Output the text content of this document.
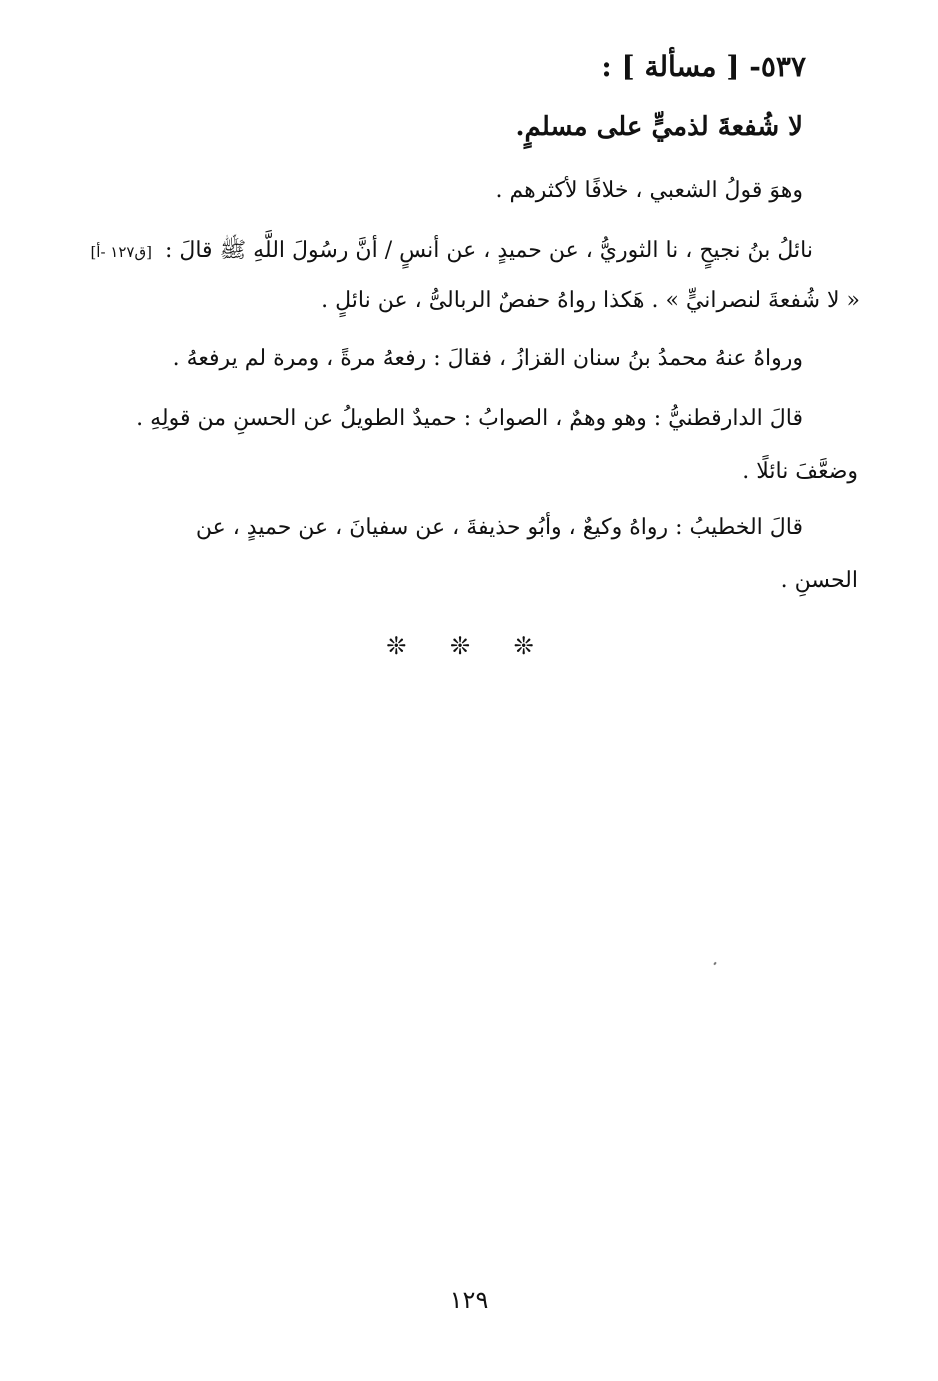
٥٣٧- [ مسألة ] :
لا شُفعةَ لذميٍّ على مسلمٍ.
وهوَ قولُ الشعبي ، خلافًا لأكثرهم .
نائلُ بنُ نجيحٍ ، نا الثوريُّ ، عن حميدٍ ، عن أنسٍ / أنَّ رسُولَ اللَّهِ ﷺ قالَ : [ق١٢٧ -أ]
« لا شُفعةَ لنصرانيٍّ » . هَكذا رواهُ حفصٌ الربالىُّ ، عن نائلٍ .
ورواهُ عنهُ محمدُ بنُ سنان القزازُ ، فقالَ : رفعهُ مرةً ، ومرة لم يرفعهُ .
قالَ الدارقطنيُّ : وهو وهمٌ ، الصوابُ : حميدٌ الطويلُ عن الحسنِ من قولِهِ .
وضعَّفَ نائلًا .
قالَ الخطيبُ : رواهُ وكيعٌ ، وأبُو حذيفةَ ، عن سفيانَ ، عن حميدٍ ، عن
الحسنِ .
❊ ❊ ❊
١٢٩
